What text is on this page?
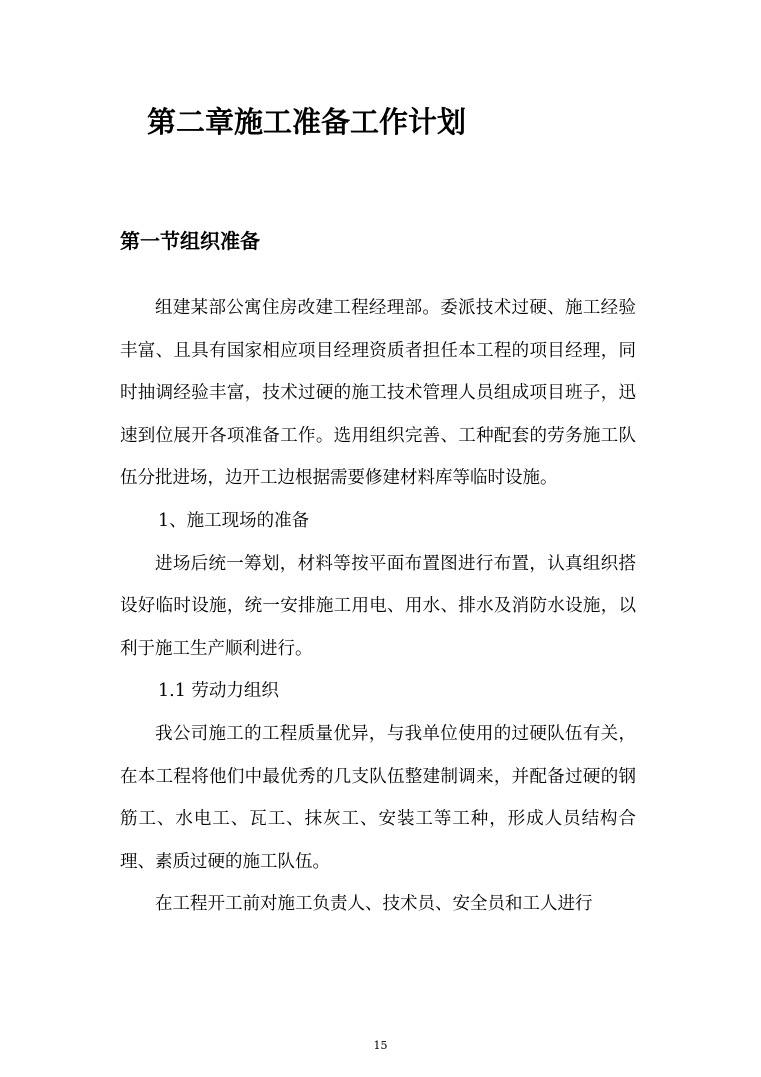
第二章施工准备工作计划
第一节组织准备

组建某部公寓住房改建工程经理部。委派技术过硬、施工经验丰富、且具有国家相应项目经理资质者担任本工程的项目经理，同时抽调经验丰富，技术过硬的施工技术管理人员组成项目班子，迅速到位展开各项准备工作。选用组织完善、工种配套的劳务施工队伍分批进场，边开工边根据需要修建材料库等临时设施。

1、施工现场的准备

进场后统一筹划，材料等按平面布置图进行布置，认真组织搭设好临时设施，统一安排施工用电、用水、排水及消防水设施，以利于施工生产顺利进行。

1.1 劳动力组织

我公司施工的工程质量优异，与我单位使用的过硬队伍有关，在本工程将他们中最优秀的几支队伍整建制调来，并配备过硬的钢筋工、水电工、瓦工、抹灰工、安装工等工种，形成人员结构合理、素质过硬的施工队伍。

在工程开工前对施工负责人、技术员、安全员和工人进行

15
